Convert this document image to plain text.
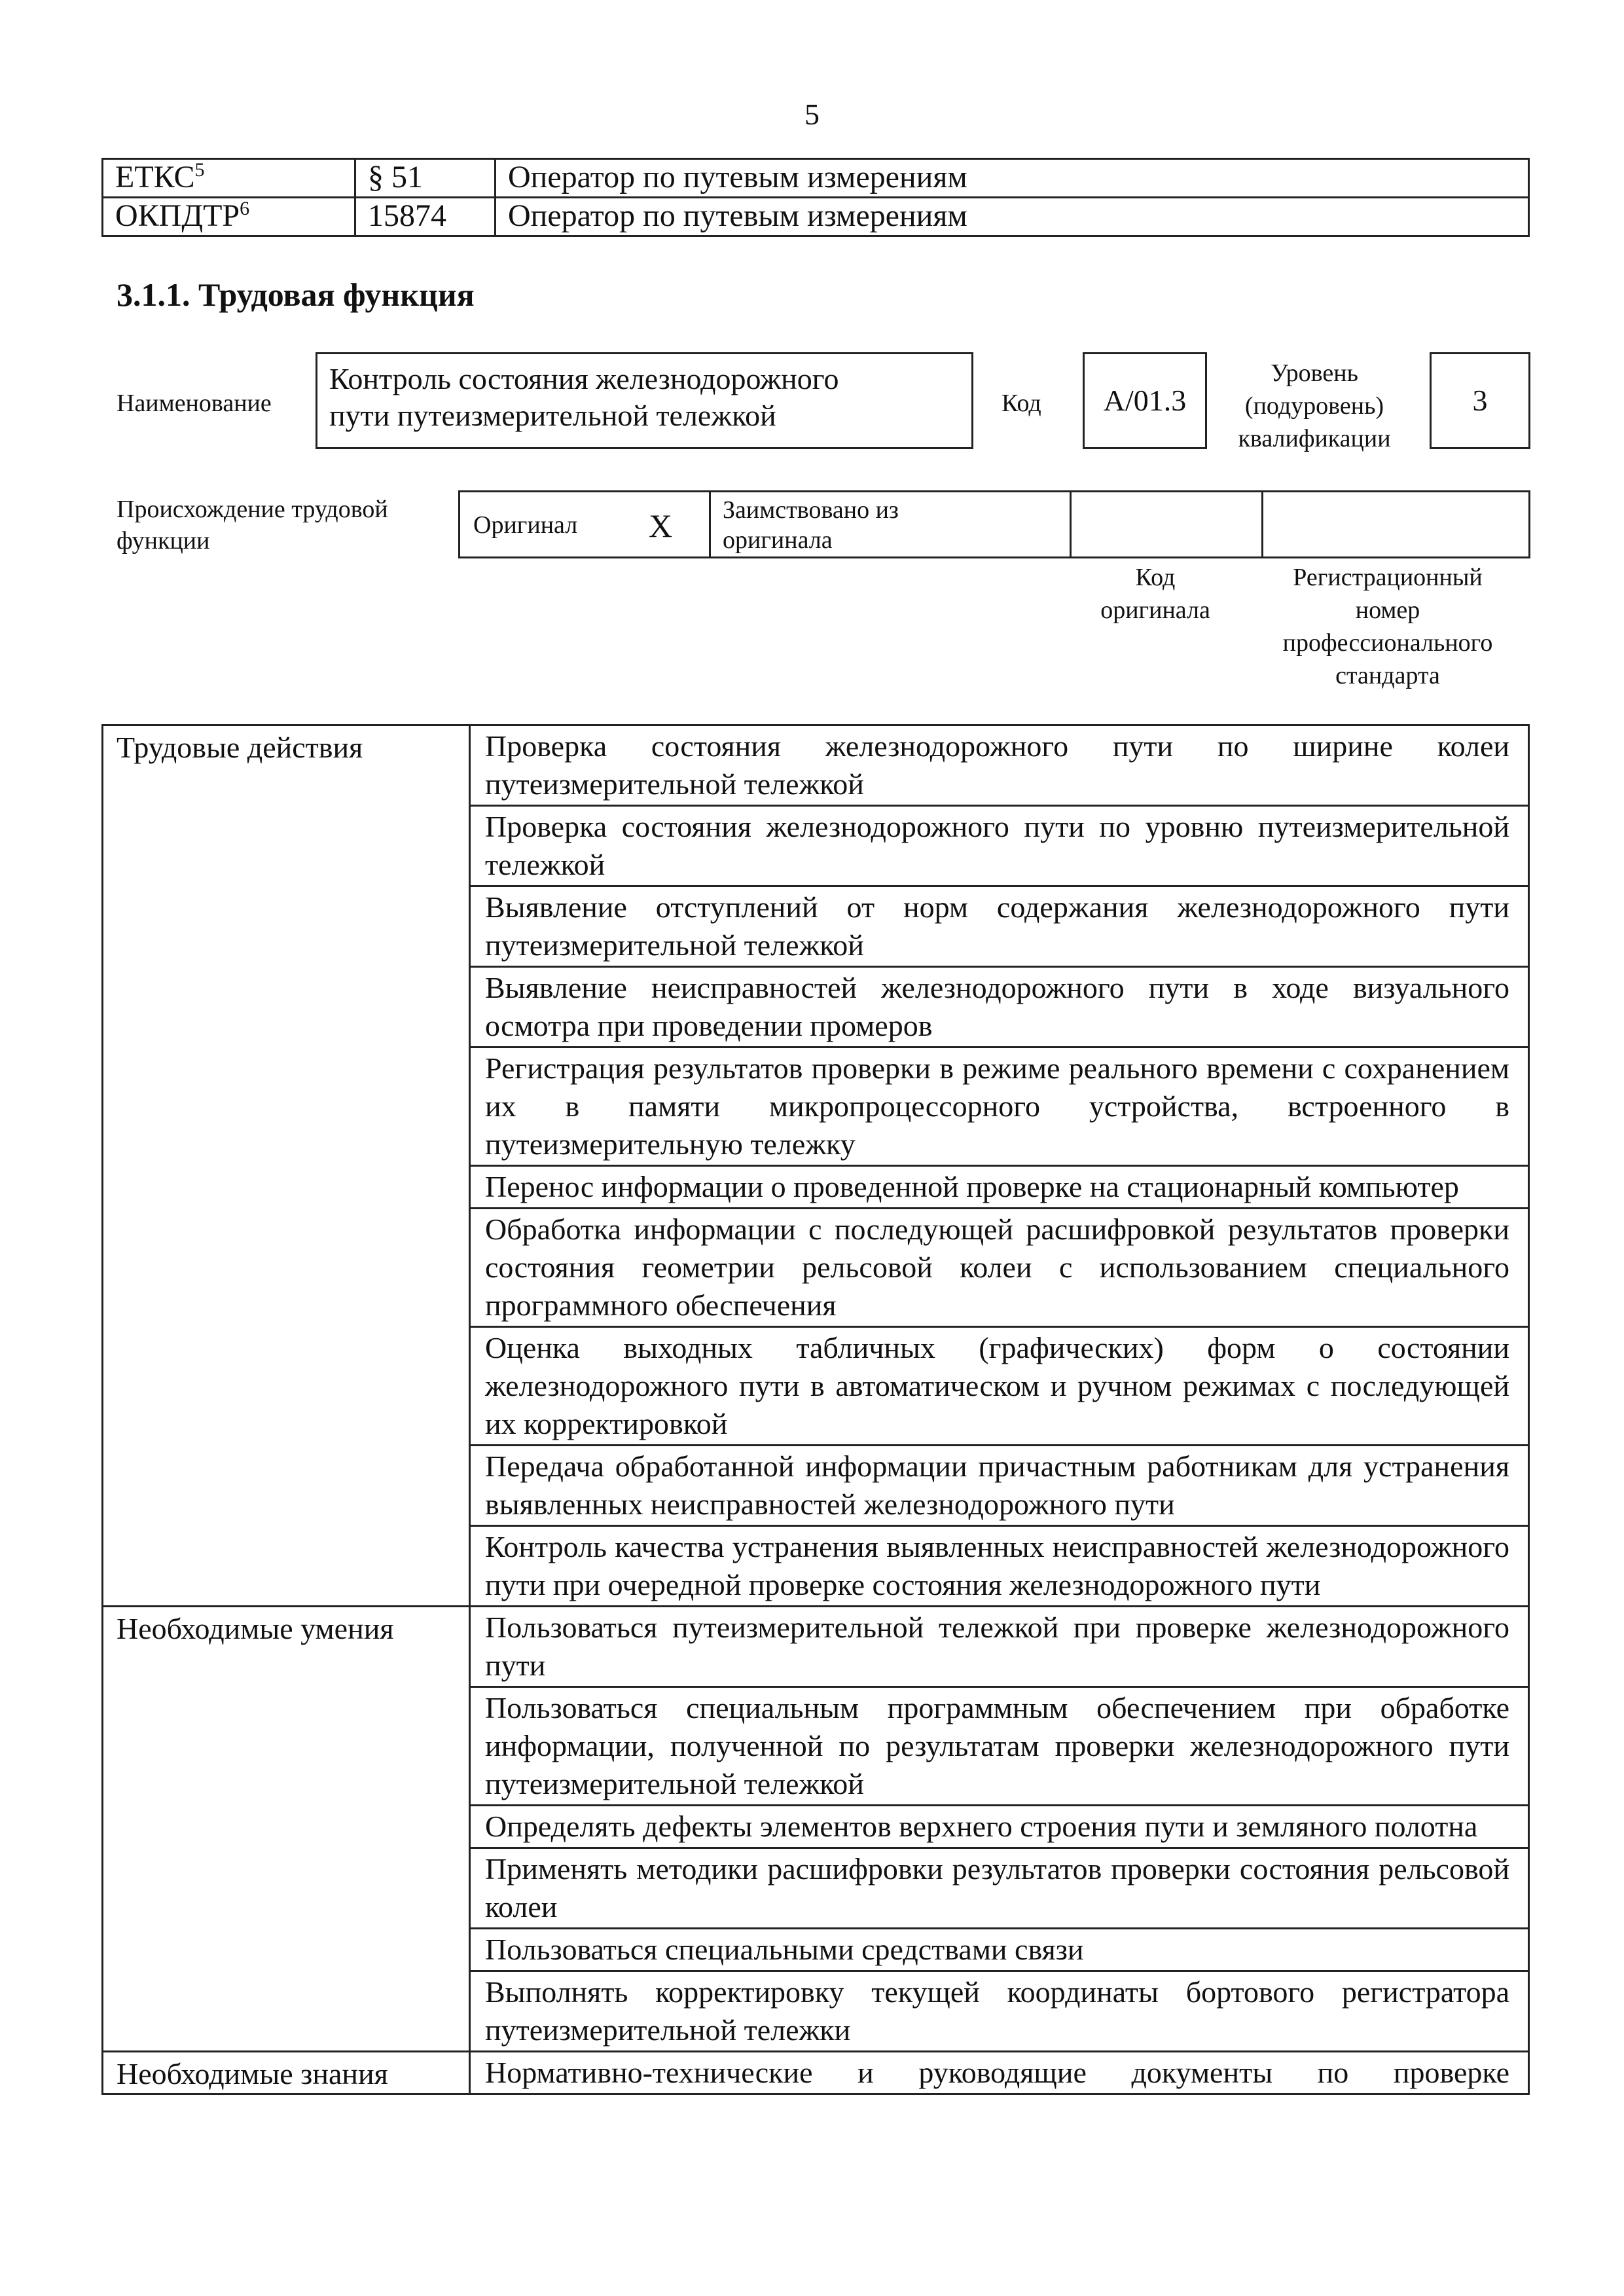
5
ЕТКС$^5$	§ 51	Оператор по путевым измерениям
ОКПДТР$^6$	15874	Оператор по путевым измерениям
3.1.1. Трудовая функция
Наименование
Контроль состояния железнодорожного
пути путеизмерительной тележкой	Код	A/01.3
Уровень
(подуровень)
квалификации
3
Происхождение трудовой
функции
Оригинал X	Заимствовано из
оригинала

Код
оригинала
Регистрационный
номер
профессионального
стандарта
Трудовые действия	Проверка состояния железнодорожного пути по ширине колеи путеизмерительной тележкой
	Проверка состояния железнодорожного пути по уровню путеизмерительной тележкой
	Выявление отступлений от норм содержания железнодорожного пути путеизмерительной тележкой
	Выявление неисправностей железнодорожного пути в ходе визуального осмотра при проведении промеров
	Регистрация результатов проверки в режиме реального времени с сохранением их в памяти микропроцессорного устройства, встроенного в путеизмерительную тележку
	Перенос информации о проведенной проверке на стационарный компьютер
	Обработка информации с последующей расшифровкой результатов проверки состояния геометрии рельсовой колеи с использованием специального программного обеспечения
	Оценка выходных табличных (графических) форм о состоянии железнодорожного пути в автоматическом и ручном режимах с последующей их корректировкой
	Передача обработанной информации причастным работникам для устранения выявленных неисправностей железнодорожного пути
	Контроль качества устранения выявленных неисправностей железнодорожного пути при очередной проверке состояния железнодорожного пути
Необходимые умения	Пользоваться путеизмерительной тележкой при проверке железнодорожного пути
	Пользоваться специальным программным обеспечением при обработке информации, полученной по результатам проверки железнодорожного пути путеизмерительной тележкой
	Определять дефекты элементов верхнего строения пути и земляного полотна
	Применять методики расшифровки результатов проверки состояния рельсовой колеи
	Пользоваться специальными средствами связи
	Выполнять корректировку текущей координаты бортового регистратора путеизмерительной тележки
Необходимые знания	Нормативно-технические и руководящие документы по проверке
